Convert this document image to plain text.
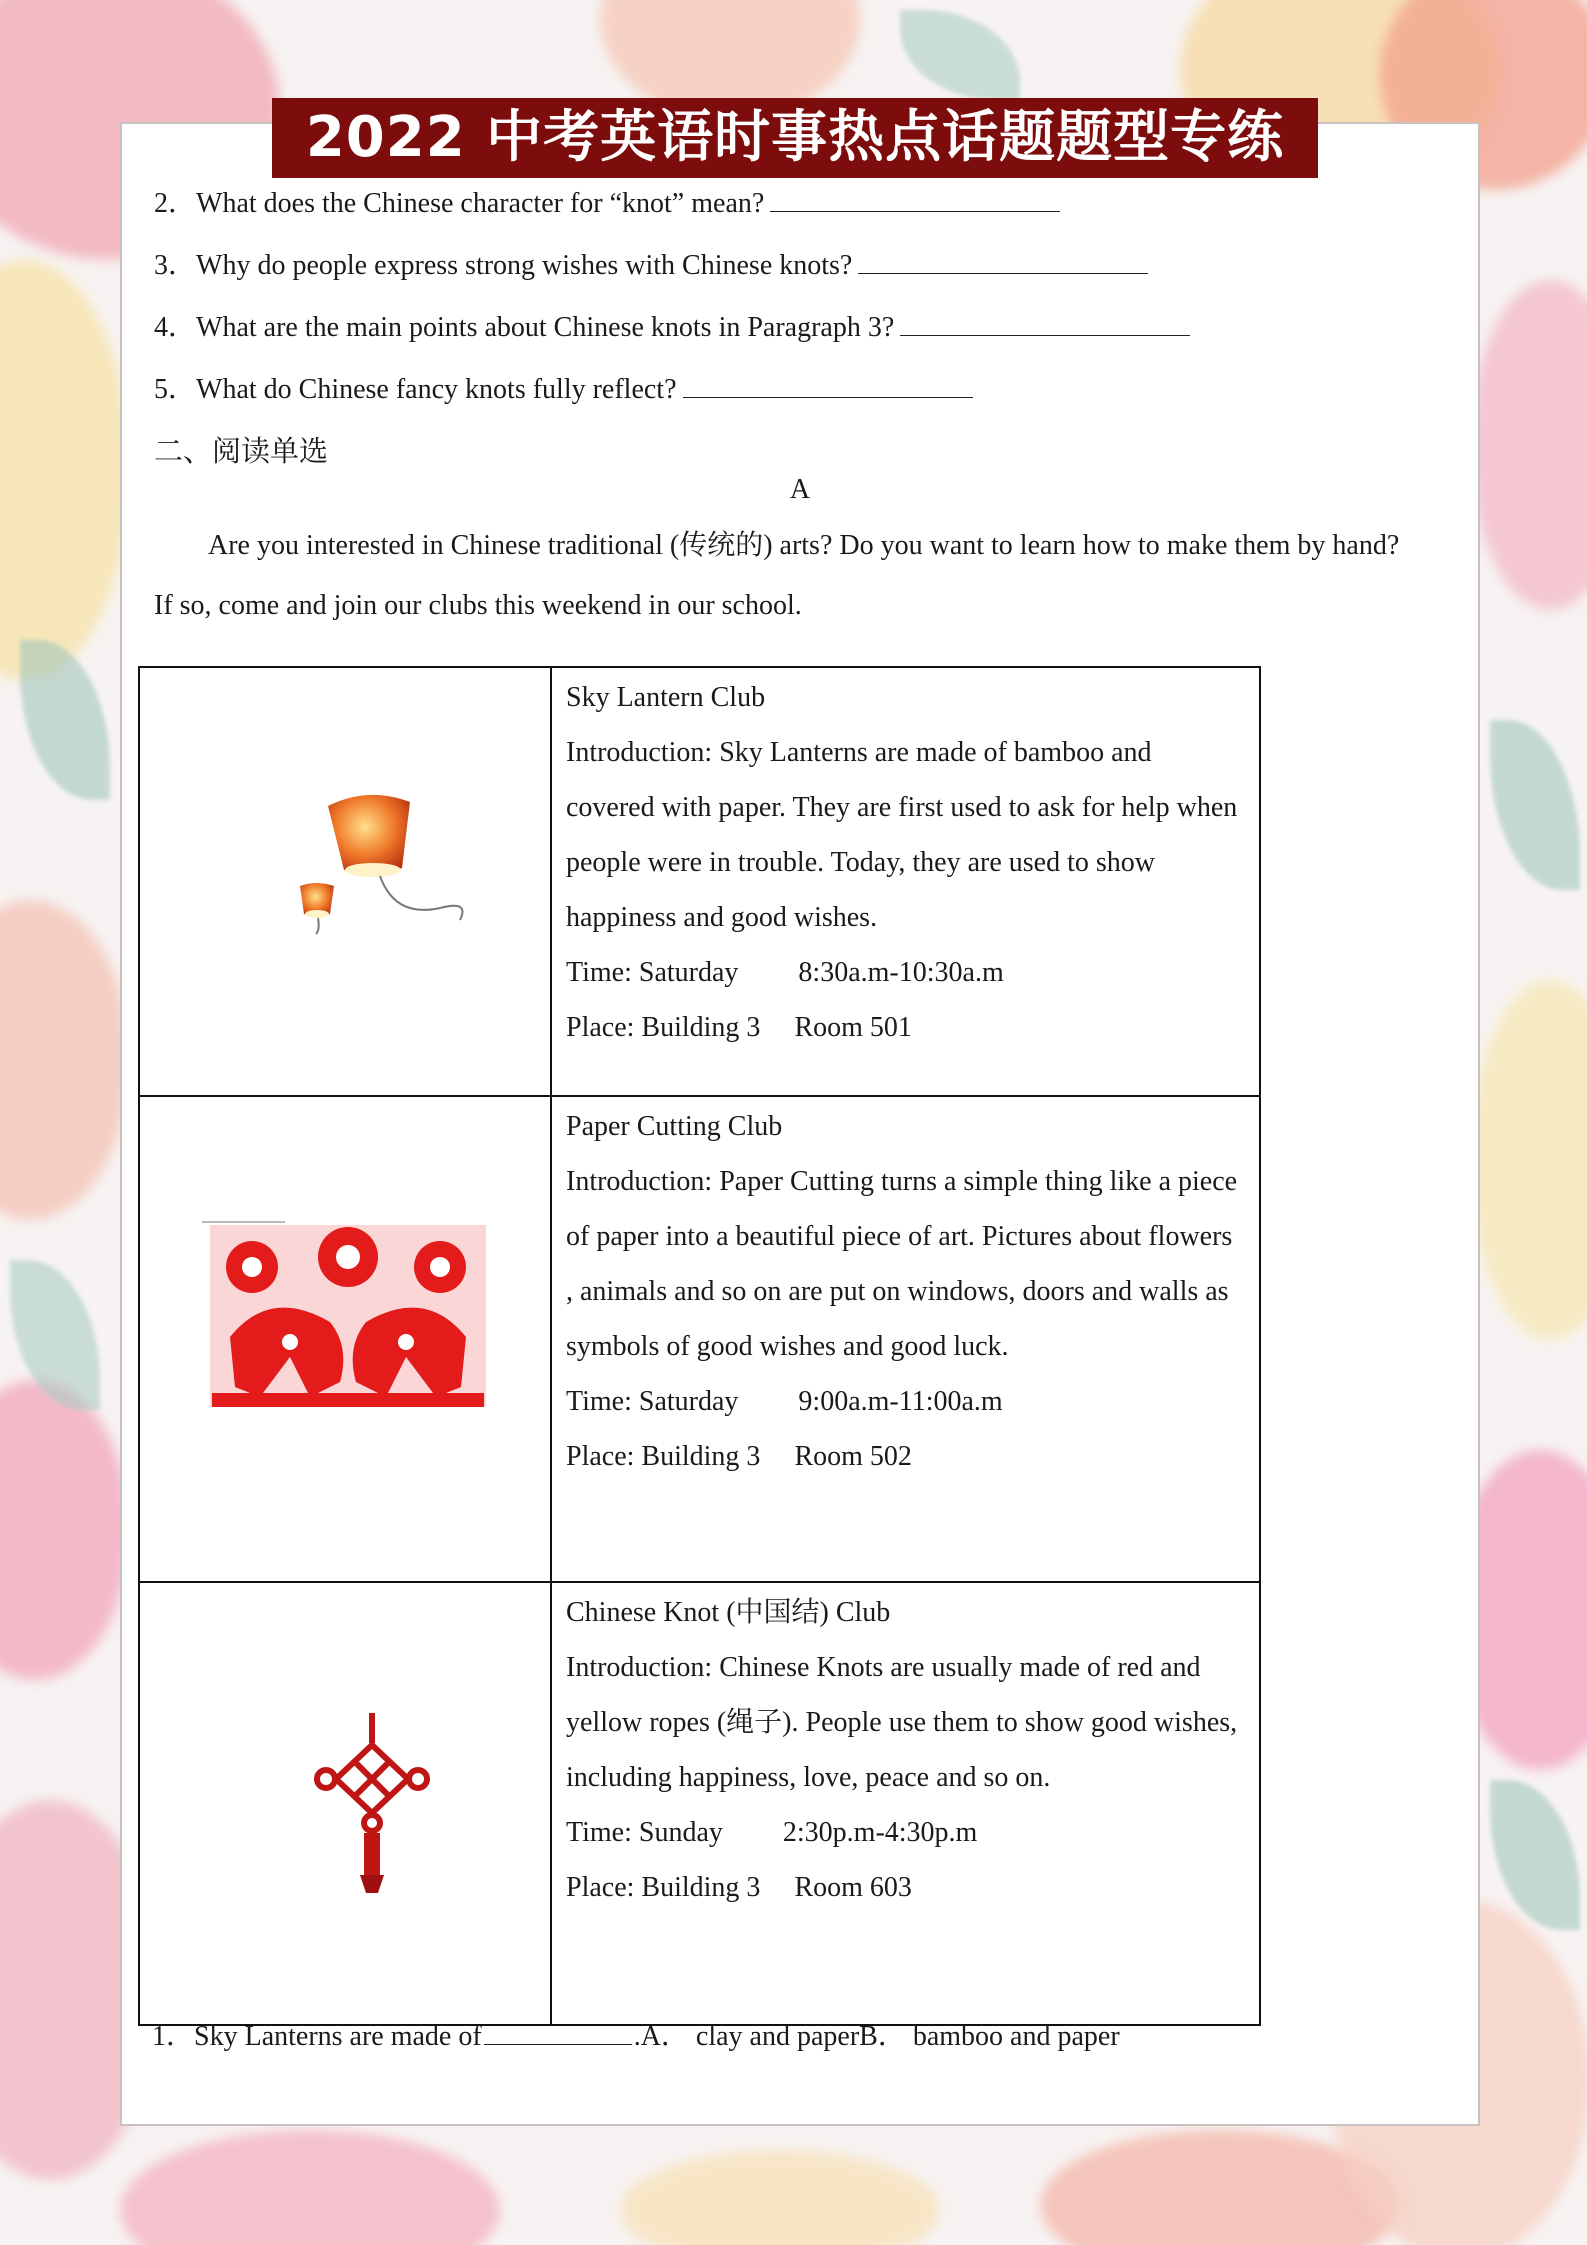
2022 中考英语时事热点话题题型专练
2．What does the Chinese character for “knot” mean?
3．Why do people express strong wishes with Chinese knots?
4．What are the main points about Chinese knots in Paragraph 3?
5．What do Chinese fancy knots fully reflect?
二、阅读单选
A
Are you interested in Chinese traditional (传统的) arts? Do you want to learn how to make them by hand? If so, come and join our clubs this weekend in our school.

Sky Lantern Club
Introduction: Sky Lanterns are made of bamboo and covered with paper. They are first used to ask for help when people were in trouble. Today, they are used to show happiness and good wishes.
Time: Saturday 8:30a.m-10:30a.m
Place: Building 3 Room 501

Paper Cutting Club
Introduction: Paper Cutting turns a simple thing like a piece of paper into a beautiful piece of art. Pictures about flowers , animals and so on are put on windows, doors and walls as symbols of good wishes and good luck.
Time: Saturday 9:00a.m-11:00a.m
Place: Building 3 Room 502

Chinese Knot (中国结) Club
Introduction: Chinese Knots are usually made of red and yellow ropes (绳子). People use them to show good wishes, including happiness, love, peace and so on.
Time: Sunday 2:30p.m-4:30p.m
Place: Building 3 Room 603
1．Sky Lanterns are made of	.A． clay and paperB． bamboo and paper
